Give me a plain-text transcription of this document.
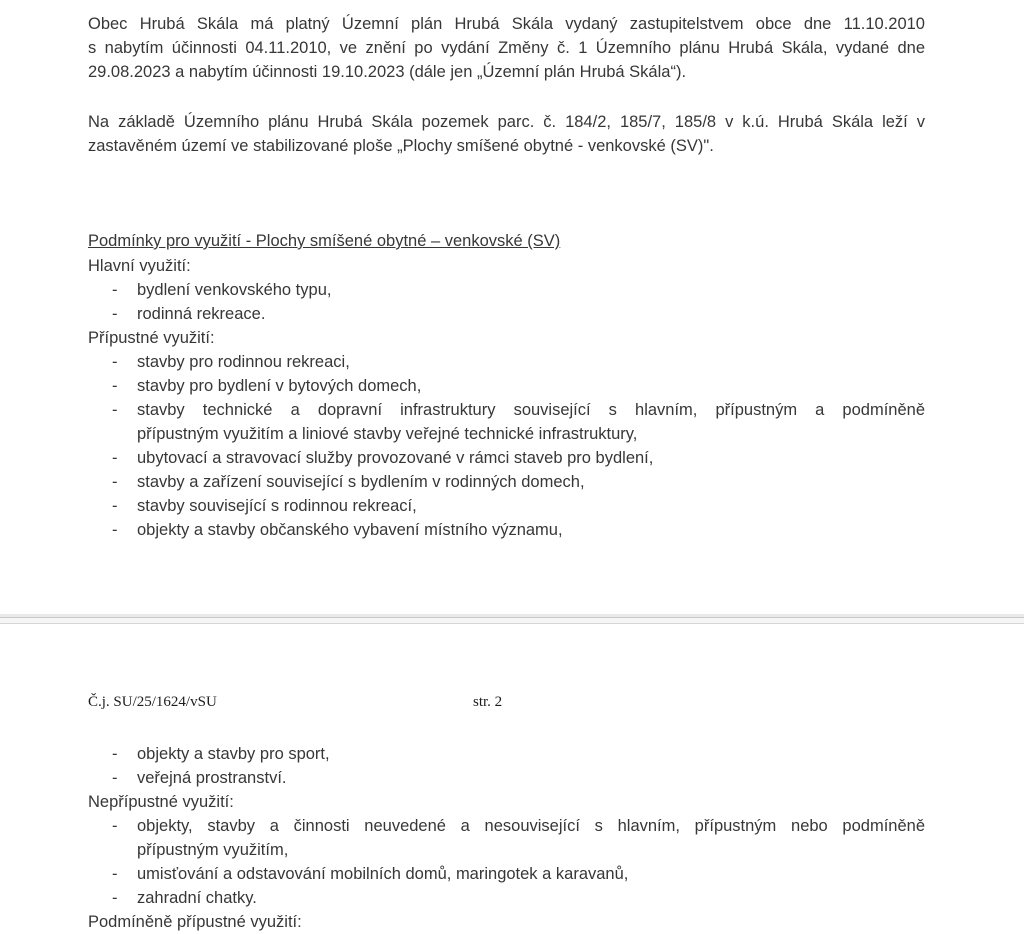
Obec Hrubá Skála má platný Územní plán Hrubá Skála vydaný zastupitelstvem obce dne 11.10.2010
s nabytím účinnosti 04.11.2010, ve znění po vydání Změny č. 1 Územního plánu Hrubá Skála, vydané dne
29.08.2023 a nabytím účinnosti 19.10.2023 (dále jen „Územní plán Hrubá Skála“).
Na základě Územního plánu Hrubá Skála pozemek parc. č. 184/2, 185/7, 185/8 v k.ú. Hrubá Skála leží v
zastavěném území ve stabilizované ploše „Plochy smíšené obytné - venkovské (SV)".
Podmínky pro využití - Plochy smíšené obytné – venkovské (SV)
Hlavní využití:
-	bydlení venkovského typu,
-	rodinná rekreace.
Přípustné využití:
-	stavby pro rodinnou rekreaci,
-	stavby pro bydlení v bytových domech,
-	stavby technické a dopravní infrastruktury související s hlavním, přípustným a podmíněně
přípustným využitím a liniové stavby veřejné technické infrastruktury,
-	ubytovací a stravovací služby provozované v rámci staveb pro bydlení,
-	stavby a zařízení související s bydlením v rodinných domech,
-	stavby související s rodinnou rekreací,
-	objekty a stavby občanského vybavení místního významu,
Č.j. SU/25/1624/vSU	str. 2
-	objekty a stavby pro sport,
-	veřejná prostranství.
Nepřípustné využití:
-	objekty, stavby a činnosti neuvedené a nesouvisející s hlavním, přípustným nebo podmíněně
přípustným využitím,
-	umisťování a odstavování mobilních domů, maringotek a karavanů,
-	zahradní chatky.
Podmíněně přípustné využití:
